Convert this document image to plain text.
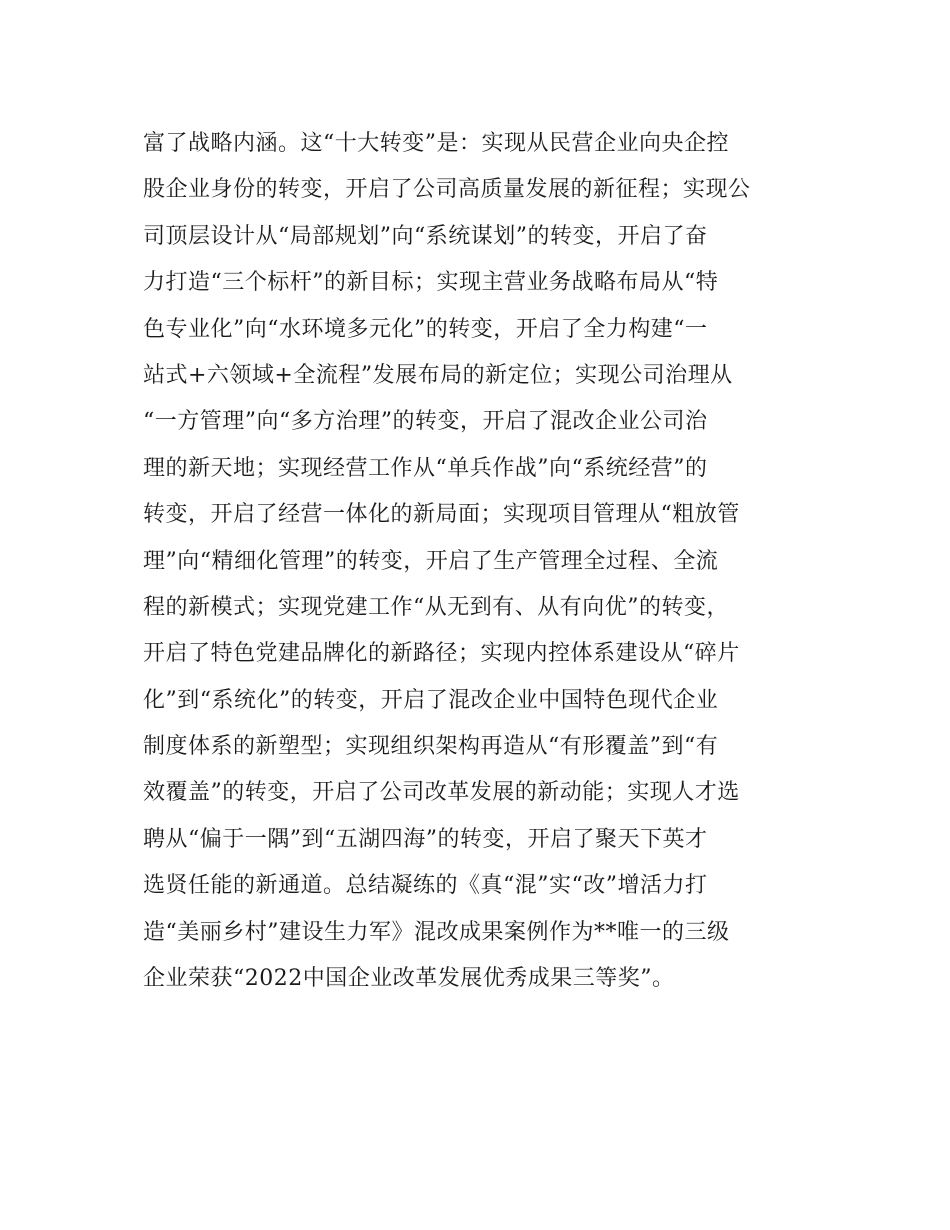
富了战略内涵。这“十大转变”是：实现从民营企业向央企控
股企业身份的转变，开启了公司高质量发展的新征程；实现公
司顶层设计从“局部规划”向“系统谋划”的转变，开启了奋
力打造“三个标杆”的新目标；实现主营业务战略布局从“特
色专业化”向“水环境多元化”的转变，开启了全力构建“一
站式+六领域+全流程”发展布局的新定位；实现公司治理从
“一方管理”向“多方治理”的转变，开启了混改企业公司治
理的新天地；实现经营工作从“单兵作战”向“系统经营”的
转变，开启了经营一体化的新局面；实现项目管理从“粗放管
理”向“精细化管理”的转变，开启了生产管理全过程、全流
程的新模式；实现党建工作“从无到有、从有向优”的转变，
开启了特色党建品牌化的新路径；实现内控体系建设从“碎片
化”到“系统化”的转变，开启了混改企业中国特色现代企业
制度体系的新塑型；实现组织架构再造从“有形覆盖”到“有
效覆盖”的转变，开启了公司改革发展的新动能；实现人才选
聘从“偏于一隅”到“五湖四海”的转变，开启了聚天下英才
选贤任能的新通道。总结凝练的《真“混”实“改”增活力打
造“美丽乡村”建设生力军》混改成果案例作为**唯一的三级
企业荣获“2022中国企业改革发展优秀成果三等奖”。
